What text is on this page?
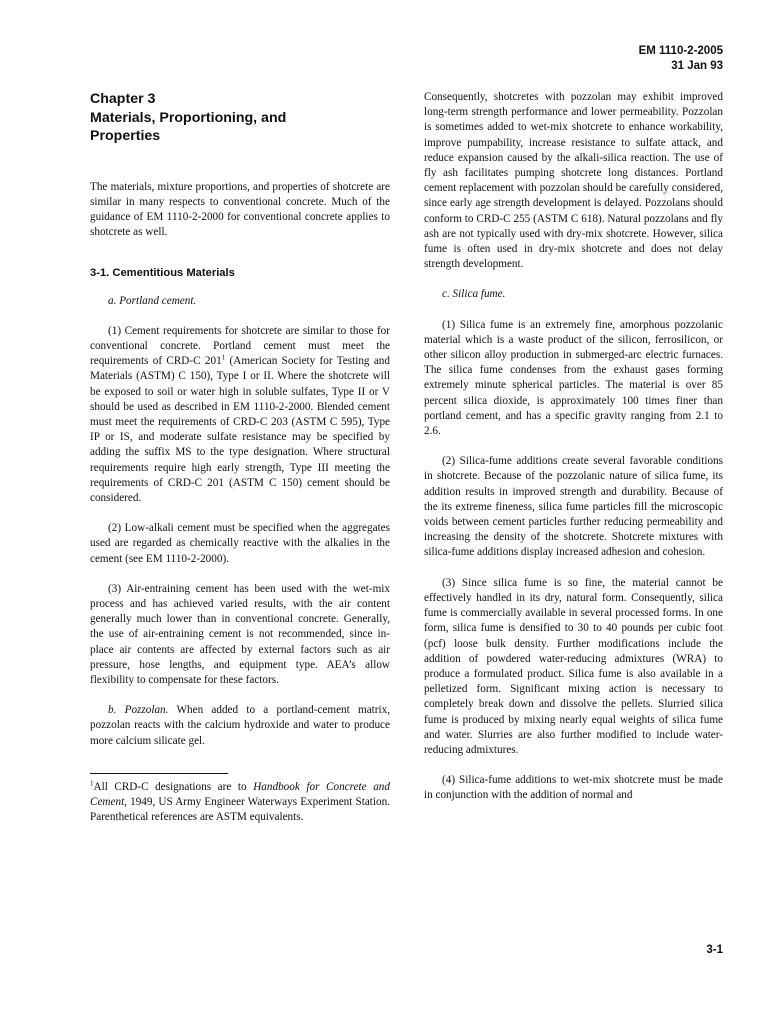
EM 1110-2-2005
31 Jan 93
Chapter 3
Materials, Proportioning, and
Properties

The materials, mixture proportions, and properties of shotcrete are similar in many respects to conventional concrete. Much of the guidance of EM 1110-2-2000 for conventional concrete applies to shotcrete as well.

3-1. Cementitious Materials

a. Portland cement.

(1) Cement requirements for shotcrete are similar to those for conventional concrete. Portland cement must meet the requirements of CRD-C $201^1$ (American Society for Testing and Materials (ASTM) C 150), Type I or II. Where the shotcrete will be exposed to soil or water high in soluble sulfates, Type II or V should be used as described in EM 1110-2-2000. Blended cement must meet the requirements of CRD-C 203 (ASTM C 595), Type IP or IS, and moderate sulfate resistance may be specified by adding the suffix MS to the type designation. Where structural requirements require high early strength, Type III meeting the requirements of CRD-C 201 (ASTM C 150) cement should be considered.

(2) Low-alkali cement must be specified when the aggregates used are regarded as chemically reactive with the alkalies in the cement (see EM 1110-2-2000).

(3) Air-entraining cement has been used with the wet-mix process and has achieved varied results, with the air content generally much lower than in conventional concrete. Generally, the use of air-entraining cement is not recommended, since in-place air contents are affected by external factors such as air pressure, hose lengths, and equipment type. AEA’s allow flexibility to compensate for these factors.

b. Pozzolan. When added to a portland-cement matrix, pozzolan reacts with the calcium hydroxide and water to produce more calcium silicate gel.

$^1$All CRD-C designations are to Handbook for Concrete and Cement, 1949, US Army Engineer Waterways Experiment Station. Parenthetical references are ASTM equivalents.

Consequently, shotcretes with pozzolan may exhibit improved long-term strength performance and lower permeability. Pozzolan is sometimes added to wet-mix shotcrete to enhance workability, improve pumpability, increase resistance to sulfate attack, and reduce expansion caused by the alkali-silica reaction. The use of fly ash facilitates pumping shotcrete long distances. Portland cement replacement with pozzolan should be carefully considered, since early age strength development is delayed. Pozzolans should conform to CRD-C 255 (ASTM C 618). Natural pozzolans and fly ash are not typically used with dry-mix shotcrete. However, silica fume is often used in dry-mix shotcrete and does not delay strength development.

c. Silica fume.

(1) Silica fume is an extremely fine, amorphous pozzolanic material which is a waste product of the silicon, ferrosilicon, or other silicon alloy production in submerged-arc electric furnaces. The silica fume condenses from the exhaust gases forming extremely minute spherical particles. The material is over 85 percent silica dioxide, is approximately 100 times finer than portland cement, and has a specific gravity ranging from 2.1 to 2.6.

(2) Silica-fume additions create several favorable conditions in shotcrete. Because of the pozzolanic nature of silica fume, its addition results in improved strength and durability. Because of the its extreme fineness, silica fume particles fill the microscopic voids between cement particles further reducing permeability and increasing the density of the shotcrete. Shotcrete mixtures with silica-fume additions display increased adhesion and cohesion.

(3) Since silica fume is so fine, the material cannot be effectively handled in its dry, natural form. Consequently, silica fume is commercially available in several processed forms. In one form, silica fume is densified to 30 to 40 pounds per cubic foot (pcf) loose bulk density. Further modifications include the addition of powdered water-reducing admixtures (WRA) to produce a formulated product. Silica fume is also available in a pelletized form. Significant mixing action is necessary to completely break down and dissolve the pellets. Slurried silica fume is produced by mixing nearly equal weights of silica fume and water. Slurries are also further modified to include water-reducing admixtures.

(4) Silica-fume additions to wet-mix shotcrete must be made in conjunction with the addition of normal and

3-1
